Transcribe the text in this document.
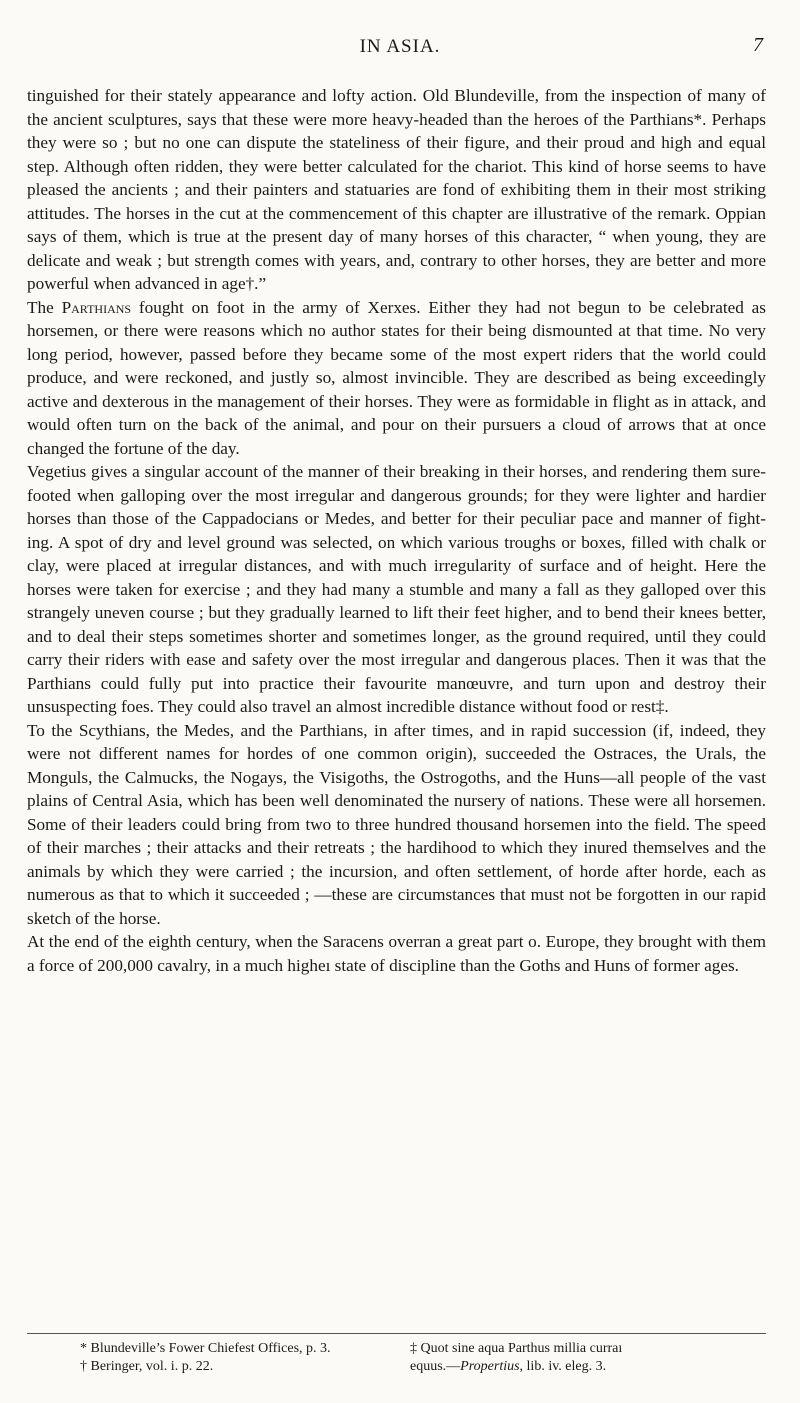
IN ASIA.	7

tinguished for their stately appearance and lofty action. Old Blundeville, from the inspection of many of the ancient sculptures, says that these were more heavy-headed than the heroes of the Parthians*. Perhaps they were so ; but no one can dispute the stateliness of their figure, and their proud and high and equal step. Although often ridden, they were better calculated for the chariot. This kind of horse seems to have pleased the ancients ; and their painters and statuaries are fond of exhibiting them in their most striking attitudes. The horses in the cut at the commencement of this chapter are illustrative of the remark. Oppian says of them, which is true at the present day of many horses of this character, “ when young, they are delicate and weak ; but strength comes with years, and, contrary to other horses, they are better and more powerful when advanced in age†.”

The Parthians fought on foot in the army of Xerxes. Either they had not begun to be celebrated as horsemen, or there were reasons which no author states for their being dismounted at that time. No very long period, however, passed before they became some of the most expert riders that the world could produce, and were reckoned, and justly so, almost invincible. They are described as being exceedingly active and dexterous in the management of their horses. They were as formidable in flight as in attack, and would often turn on the back of the animal, and pour on their pursuers a cloud of arrows that at once changed the fortune of the day.

Vegetius gives a singular account of the manner of their breaking in their horses, and rendering them sure-footed when galloping over the most irregular and dangerous grounds; for they were lighter and hardier horses than those of the Cappadocians or Medes, and better for their peculiar pace and manner of fight- ing. A spot of dry and level ground was selected, on which various troughs or boxes, filled with chalk or clay, were placed at irregular distances, and with much irregularity of surface and of height. Here the horses were taken for exercise ; and they had many a stumble and many a fall as they galloped over this strangely uneven course ; but they gradually learned to lift their feet higher, and to bend their knees better, and to deal their steps sometimes shorter and sometimes longer, as the ground required, until they could carry their riders with ease and safety over the most irregular and dangerous places. Then it was that the Parthians could fully put into practice their favourite manœuvre, and turn upon and destroy their unsuspecting foes. They could also travel an almost incredible distance without food or rest‡.

To the Scythians, the Medes, and the Parthians, in after times, and in rapid succession (if, indeed, they were not different names for hordes of one common origin), succeeded the Ostraces, the Urals, the Monguls, the Calmucks, the Nogays, the Visigoths, the Ostrogoths, and the Huns—all people of the vast plains of Central Asia, which has been well denominated the nursery of nations. These were all horsemen. Some of their leaders could bring from two to three hundred thousand horsemen into the field. The speed of their marches ; their attacks and their retreats ; the hardihood to which they inured themselves and the animals by which they were carried ; the incursion, and often settlement, of horde after horde, each as numerous as that to which it succeeded ; —these are circumstances that must not be forgotten in our rapid sketch of the horse.

At the end of the eighth century, when the Saracens overran a great part o. Europe, they brought with them a force of 200,000 cavalry, in a much higheı state of discipline than the Goths and Huns of former ages.

* Blundeville’s Fower Chiefest Offices, p. 3.
† Beringer, vol. i. p. 22.
‡ Quot sine aqua Parthus millia curraı
equus.—Propertius, lib. iv. eleg. 3.
